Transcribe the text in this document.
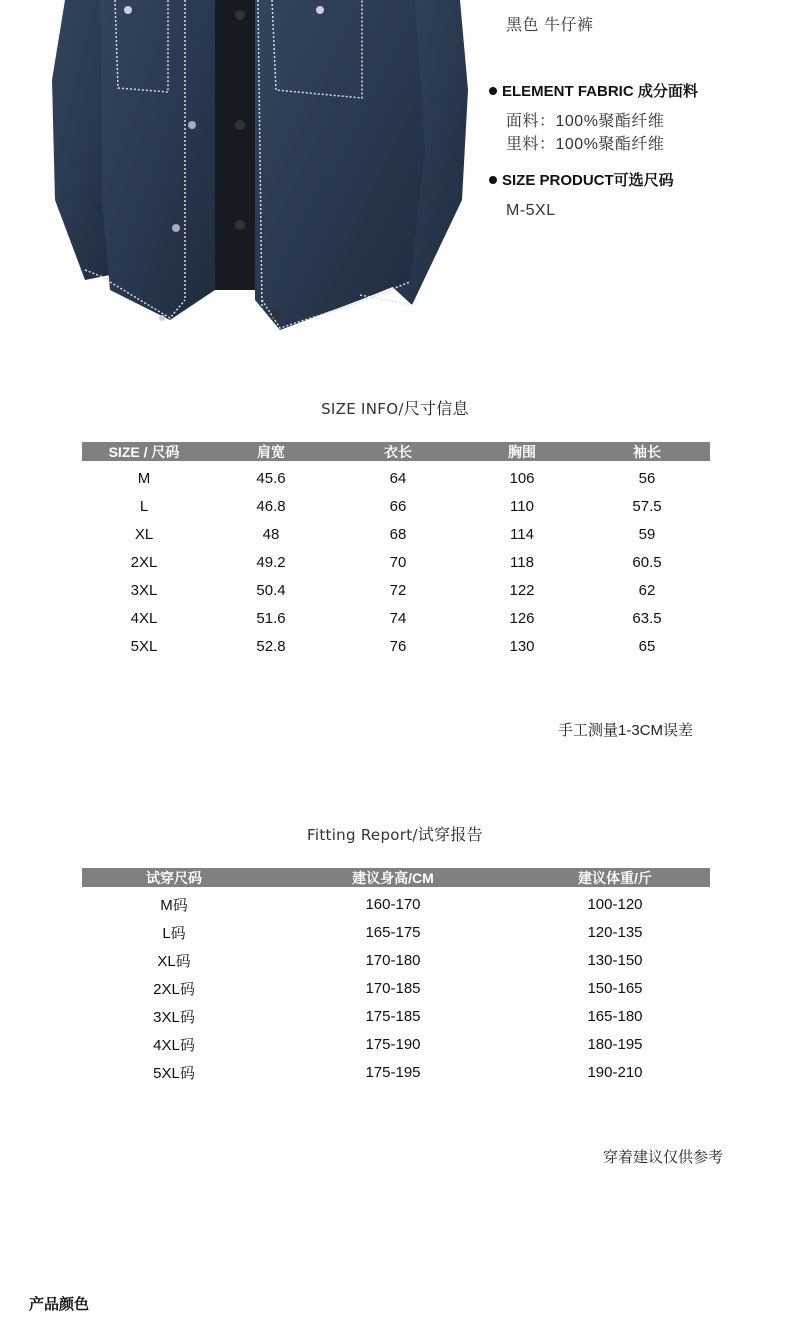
黑色 牛仔裤
ELEMENT FABRIC 成分面料
面料：100%聚酯纤维
里料：100%聚酯纤维
SIZE PRODUCT可选尺码
M-5XL
SIZE INFO/尺寸信息
SIZE / 尺码	肩宽	衣长	胸围	袖长
M	45.6	64	106	56
L	46.8	66	110	57.5
XL	48	68	114	59
2XL	49.2	70	118	60.5
3XL	50.4	72	122	62
4XL	51.6	74	126	63.5
5XL	52.8	76	130	65
手工测量1-3CM误差
Fitting Report/试穿报告
试穿尺码	建议身高/CM	建议体重/斤
M码	160-170	100-120
L码	165-175	120-135
XL码	170-180	130-150
2XL码	170-185	150-165
3XL码	175-185	165-180
4XL码	175-190	180-195
5XL码	175-195	190-210
穿着建议仅供参考
产品颜色
